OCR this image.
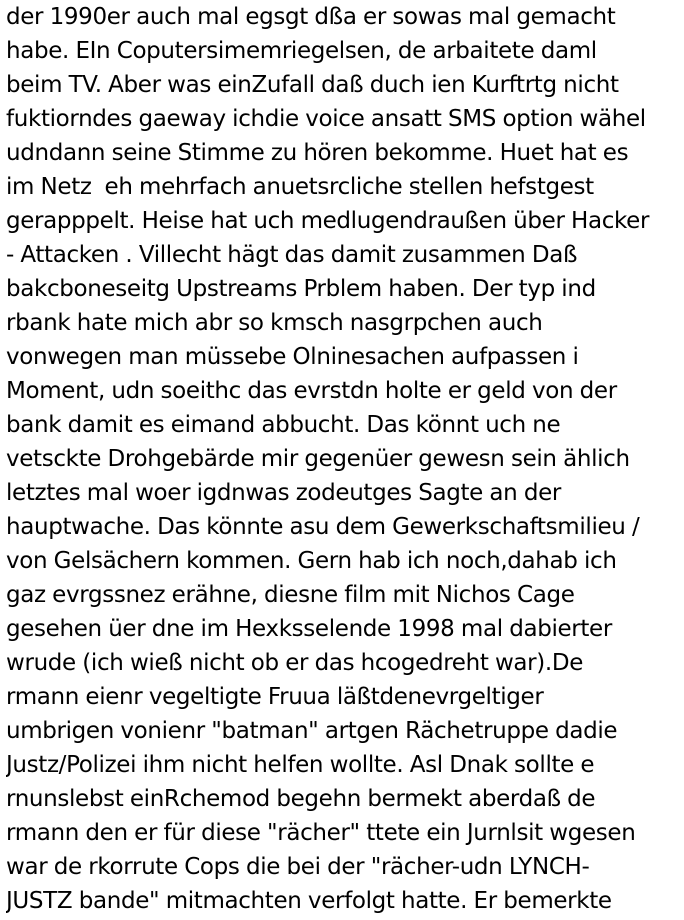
der 1990er auch mal egsgt dßa er sowas mal gemacht
habe. EIn Coputersimemriegelsen, de arbaitete daml
beim TV. Aber was einZufall daß duch ien Kurftrtg nicht
fuktiorndes gaeway ichdie voice ansatt SMS option wähel
udndann seine Stimme zu hören bekomme. Huet hat es
im Netz  eh mehrfach anuetsrcliche stellen hefstgest
gerapppelt. Heise hat uch medlugendraußen über Hacker
- Attacken . Villecht hägt das damit zusammen Daß
bakcboneseitg Upstreams Prblem haben. Der typ ind
rbank hate mich abr so kmsch nasgrpchen auch
vonwegen man müssebe Olninesachen aufpassen i
Moment, udn soeithc das evrstdn holte er geld von der
bank damit es eimand abbucht. Das könnt uch ne
vetsckte Drohgebärde mir gegenüer gewesn sein ählich
letztes mal woer igdnwas zodeutges Sagte an der
hauptwache. Das könnte asu dem Gewerkschaftsmilieu /
von Gelsächern kommen. Gern hab ich noch,dahab ich
gaz evrgssnez erähne, diesne film mit Nichos Cage
gesehen üer dne im Hexksselende 1998 mal dabierter
wrude (ich wieß nicht ob er das hcogedreht war).De
rmann eienr vegeltigte Fruua läßtdenevrgeltiger
umbrigen vonienr "batman" artgen Rächetruppe dadie
Justz/Polizei ihm nicht helfen wollte. Asl Dnak sollte e
rnunslebst einRchemod begehn bermekt aberdaß de
rmann den er für diese "rächer" ttete ein Jurnlsit wgesen
war de rkorrute Cops die bei der "rächer-udn LYNCH-
JUSTZ bande" mitmachten verfolgt hatte. Er bemerkte
